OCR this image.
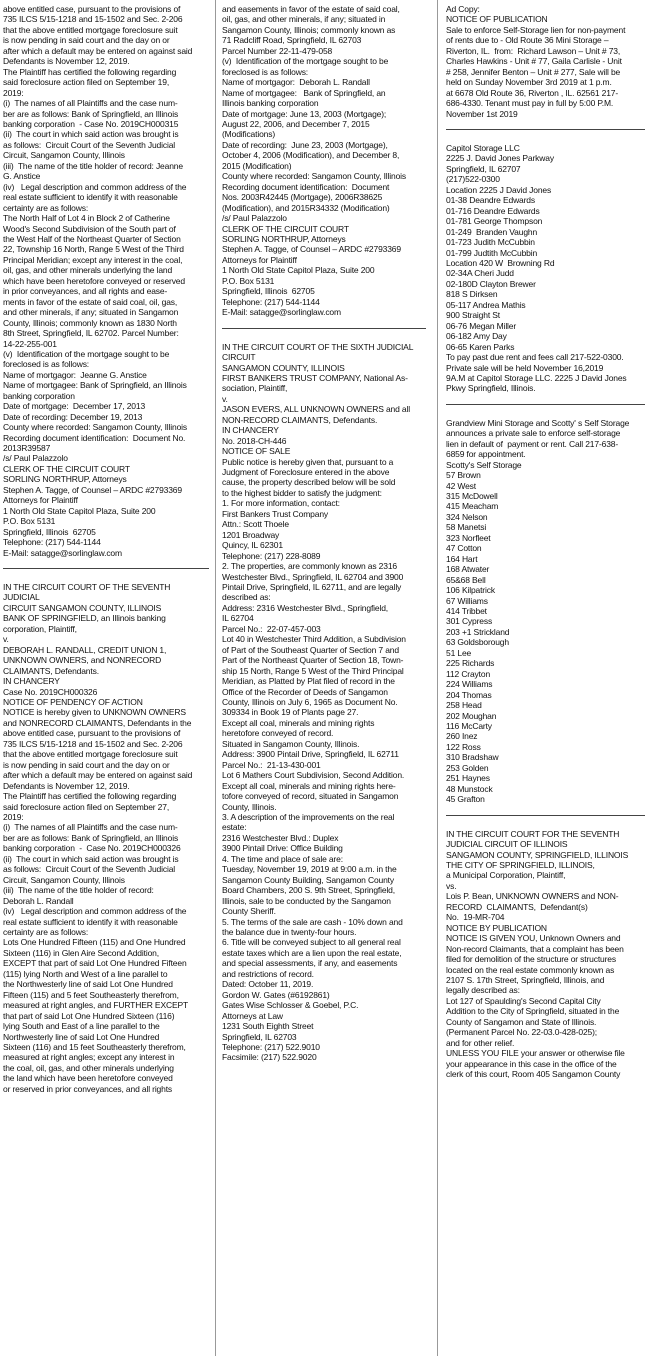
above entitled case, pursuant to the provisions of

735 ILCS 5/15-1218 and 15-1502 and Sec. 2-206

that the above entitled mortgage foreclosure suit

is now pending in said court and the day on or

after which a default may be entered on against said

Defendants is November 12, 2019.

The Plaintiff has certified the following regarding

said foreclosure action filed on September 19,

2019:

(i)  The names of all Plaintiffs and the case num-

ber are as follows: Bank of Springfield, an Illinois

banking corporation  - Case No. 2019CH000315

(ii)  The court in which said action was brought is

as follows:  Circuit Court of the Seventh Judicial

Circuit, Sangamon County, Illinois

(iii)  The name of the title holder of record: Jeanne

G. Anstice

(iv)   Legal description and common address of the

real estate sufficient to identify it with reasonable

certainty are as follows:

The North Half of Lot 4 in Block 2 of Catherine

Wood's Second Subdivision of the South part of

the West Half of the Northeast Quarter of Section

22, Township 16 North, Range 5 West of the Third

Principal Meridian; except any interest in the coal,

oil, gas, and other minerals underlying the land

which have been heretofore conveyed or reserved

in prior conveyances, and all rights and ease-

ments in favor of the estate of said coal, oil, gas,

and other minerals, if any; situated in Sangamon

County, Illinois; commonly known as 1830 North

8th Street, Springfield, IL 62702. Parcel Number:

14-22-255-001

(v)  Identification of the mortgage sought to be

foreclosed is as follows:

Name of mortgagor:  Jeanne G. Anstice

Name of mortgagee: Bank of Springfield, an Illinois

banking corporation

Date of mortgage:  December 17, 2013

Date of recording: December 19, 2013

County where recorded: Sangamon County, Illinois

Recording document identification:  Document No.

2013R39587

/s/ Paul Palazzolo

CLERK OF THE CIRCUIT COURT

SORLING NORTHRUP, Attorneys

Stephen A. Tagge, of Counsel – ARDC #2793369

Attorneys for Plaintiff

1 North Old State Capitol Plaza, Suite 200

P.O. Box 5131

Springfield, Illinois  62705

Telephone: (217) 544-1144

E-Mail: satagge@sorlinglaw.com

IN THE CIRCUIT COURT OF THE SEVENTH JUDICIAL

CIRCUIT SANGAMON COUNTY, ILLINOIS

BANK OF SPRINGFIELD, an Illinois banking

corporation, Plaintiff,

v.

DEBORAH L. RANDALL, CREDIT UNION 1,

UNKNOWN OWNERS, and NONRECORD

CLAIMANTS, Defendants.

IN CHANCERY

Case No. 2019CH000326

NOTICE OF PENDENCY OF ACTION

NOTICE is hereby given to UNKNOWN OWNERS

and NONRECORD CLAIMANTS, Defendants in the

above entitled case, pursuant to the provisions of

735 ILCS 5/15-1218 and 15-1502 and Sec. 2-206

that the above entitled mortgage foreclosure suit

is now pending in said court and the day on or

after which a default may be entered on against said

Defendants is November 12, 2019.

The Plaintiff has certified the following regarding

said foreclosure action filed on September 27,

2019:

(i)  The names of all Plaintiffs and the case num-

ber are as follows: Bank of Springfield, an Illinois

banking corporation  -  Case No. 2019CH000326

(ii)  The court in which said action was brought is

as follows:  Circuit Court of the Seventh Judicial

Circuit, Sangamon County, Illinois

(iii)  The name of the title holder of record:

Deborah L. Randall

(iv)   Legal description and common address of the

real estate sufficient to identify it with reasonable

certainty are as follows:

Lots One Hundred Fifteen (115) and One Hundred

Sixteen (116) in Glen Aire Second Addition,

EXCEPT that part of said Lot One Hundred Fifteen

(115) lying North and West of a line parallel to

the Northwesterly line of said Lot One Hundred

Fifteen (115) and 5 feet Southeasterly therefrom,

measured at right angles, and FURTHER EXCEPT

that part of said Lot One Hundred Sixteen (116)

lying South and East of a line parallel to the

Northwesterly line of said Lot One Hundred

Sixteen (116) and 15 feet Southeasterly therefrom,

measured at right angles; except any interest in

the coal, oil, gas, and other minerals underlying

the land which have been heretofore conveyed

or reserved in prior conveyances, and all rights

and easements in favor of the estate of said coal,

oil, gas, and other minerals, if any; situated in

Sangamon County, Illinois; commonly known as

71 Radcliff Road, Springfield, IL 62703

Parcel Number 22-11-479-058

(v)  Identification of the mortgage sought to be

foreclosed is as follows:

Name of mortgagor:  Deborah L. Randall

Name of mortgagee:   Bank of Springfield, an

Illinois banking corporation

Date of mortgage: June 13, 2003 (Mortgage);

August 22, 2006, and December 7, 2015

(Modifications)

Date of recording:  June 23, 2003 (Mortgage),

October 4, 2006 (Modification), and December 8,

2015 (Modification)

County where recorded: Sangamon County, Illinois

Recording document identification:  Document

Nos. 2003R42445 (Mortgage), 2006R38625

(Modification), and 2015R34332 (Modification)

/s/ Paul Palazzolo

CLERK OF THE CIRCUIT COURT

SORLING NORTHRUP, Attorneys

Stephen A. Tagge, of Counsel – ARDC #2793369

Attorneys for Plaintiff

1 North Old State Capitol Plaza, Suite 200

P.O. Box 5131

Springfield, Illinois  62705

Telephone: (217) 544-1144

E-Mail: satagge@sorlinglaw.com

IN THE CIRCUIT COURT OF THE SIXTH JUDICIAL

CIRCUIT

SANGAMON COUNTY, ILLINOIS

FIRST BANKERS TRUST COMPANY, National As-

sociation, Plaintiff,

v.

JASON EVERS, ALL UNKNOWN OWNERS and all

NON-RECORD CLAIMANTS, Defendants.

IN CHANCERY

No. 2018-CH-446

NOTICE OF SALE

Public notice is hereby given that, pursuant to a

Judgment of Foreclosure entered in the above

cause, the property described below will be sold

to the highest bidder to satisfy the judgment:

1. For more information, contact:

First Bankers Trust Company

Attn.: Scott Thoele

1201 Broadway

Quincy, IL 62301

Telephone: (217) 228-8089

2. The properties, are commonly known as 2316

Westchester Blvd., Springfield, IL 62704 and 3900

Pintail Drive, Springfield, IL 62711, and are legally

described as:

Address: 2316 Westchester Blvd., Springfield,

IL 62704

Parcel No.:  22-07-457-003

Lot 40 in Westchester Third Addition, a Subdivision

of Part of the Southeast Quarter of Section 7 and

Part of the Northeast Quarter of Section 18, Town-

ship 15 North, Range 5 West of the Third Principal

Meridian, as Platted by Plat filed of record in the

Office of the Recorder of Deeds of Sangamon

County, Illinois on July 6, 1965 as Document No.

309334 in Book 19 of Plants page 27.

Except all coal, minerals and mining rights

heretofore conveyed of record.

Situated in Sangamon County, Illinois.

Address: 3900 Pintail Drive, Springfield, IL 62711

Parcel No.:  21-13-430-001

Lot 6 Mathers Court Subdivision, Second Addition.

Except all coal, minerals and mining rights here-

tofore conveyed of record, situated in Sangamon

County, Illinois.

3. A description of the improvements on the real

estate:

2316 Westchester Blvd.: Duplex

3900 Pintail Drive: Office Building

4. The time and place of sale are:

Tuesday, November 19, 2019 at 9:00 a.m. in the

Sangamon County Building, Sangamon County

Board Chambers, 200 S. 9th Street, Springfield,

Illinois, sale to be conducted by the Sangamon

County Sheriff.

5. The terms of the sale are cash - 10% down and

the balance due in twenty-four hours.

6. Title will be conveyed subject to all general real

estate taxes which are a lien upon the real estate,

and special assessments, if any, and easements

and restrictions of record.

Dated: October 11, 2019.

Gordon W. Gates (#6192861)

Gates Wise Schlosser & Goebel, P.C.

Attorneys at Law

1231 South Eighth Street

Springfield, IL 62703

Telephone: (217) 522.9010

Facsimile: (217) 522.9020

Ad Copy:

NOTICE OF PUBLICATION

Sale to enforce Self-Storage lien for non-payment

of rents due to - Old Route 36 Mini Storage –

Riverton, IL.  from:  Richard Lawson – Unit # 73,

Charles Hawkins - Unit # 77, Gaila Carlisle - Unit

# 258, Jennifer Benton – Unit # 277, Sale will be

held on Sunday November 3rd 2019 at 1 p.m.

at 6678 Old Route 36, Riverton , IL. 62561 217-

686-4330. Tenant must pay in full by 5:00 P.M.

November 1st 2019

Capitol Storage LLC

2225 J. David Jones Parkway

Springfield, IL 62707

(217)522-0300

Location 2225 J David Jones

01-38 Deandre Edwards

01-716 Deandre Edwards

01-781 George Thompson

01-249  Branden Vaughn

01-723 Judith McCubbin

01-799 Judtith McCubbin

Location 420 W  Browning Rd

02-34A Cheri Judd

02-180D Clayton Brewer

818 S Dirksen

05-117 Andrea Mathis

900 Straight St

06-76 Megan Miller

06-182 Amy Day

06-65 Karen Parks

To pay past due rent and fees call 217-522-0300.

Private sale will be held November 16,2019

9A.M at Capitol Storage LLC. 2225 J David Jones

Pkwy Springfield, Illinois.

Grandview Mini Storage and Scotty' s Self Storage

announces a private sale to enforce self-storage

lien in default of  payment or rent. Call 217-638-

6859 for appointment.

Scotty's Self Storage

57 Brown

42 West

315 McDowell

415 Meacham

324 Nelson

58 Manetsi

323 Norfleet

47 Cotton

164 Hart

168 Atwater

65&68 Bell

106 Kilpatrick

67 Williams

414 Tribbet

301 Cypress

203 +1 Strickland

63 Goldsborough

51 Lee

225 Richards

112 Crayton

224 Williams

204 Thomas

258 Head

202 Moughan

116 McCarty

260 Inez

122 Ross

310 Bradshaw

253 Golden

251 Haynes

48 Munstock

45 Grafton

IN THE CIRCUIT COURT FOR THE SEVENTH

JUDICIAL CIRCUIT OF ILLINOIS

SANGAMON COUNTY, SPRINGFIELD, ILLINOIS

THE CITY OF SPRINGFIELD, ILLINOIS,

a Municipal Corporation, Plaintiff,

vs.

Lois P. Bean, UNKNOWN OWNERS and NON-

RECORD  CLAIMANTS,  Defendant(s)

No.  19-MR-704

NOTICE BY PUBLICATION

NOTICE IS GIVEN YOU, Unknown Owners and

Non-record Claimants, that a complaint has been

filed for demolition of the structure or structures

located on the real estate commonly known as

2107 S. 17th Street, Springfield, Illinois, and

legally described as:

Lot 127 of Spaulding's Second Capital City

Addition to the City of Springfield, situated in the

County of Sangamon and State of Illinois.

(Permanent Parcel No. 22-03.0-428-025);

and for other relief.

UNLESS YOU FILE your answer or otherwise file

your appearance in this case in the office of the

clerk of this court, Room 405 Sangamon County
